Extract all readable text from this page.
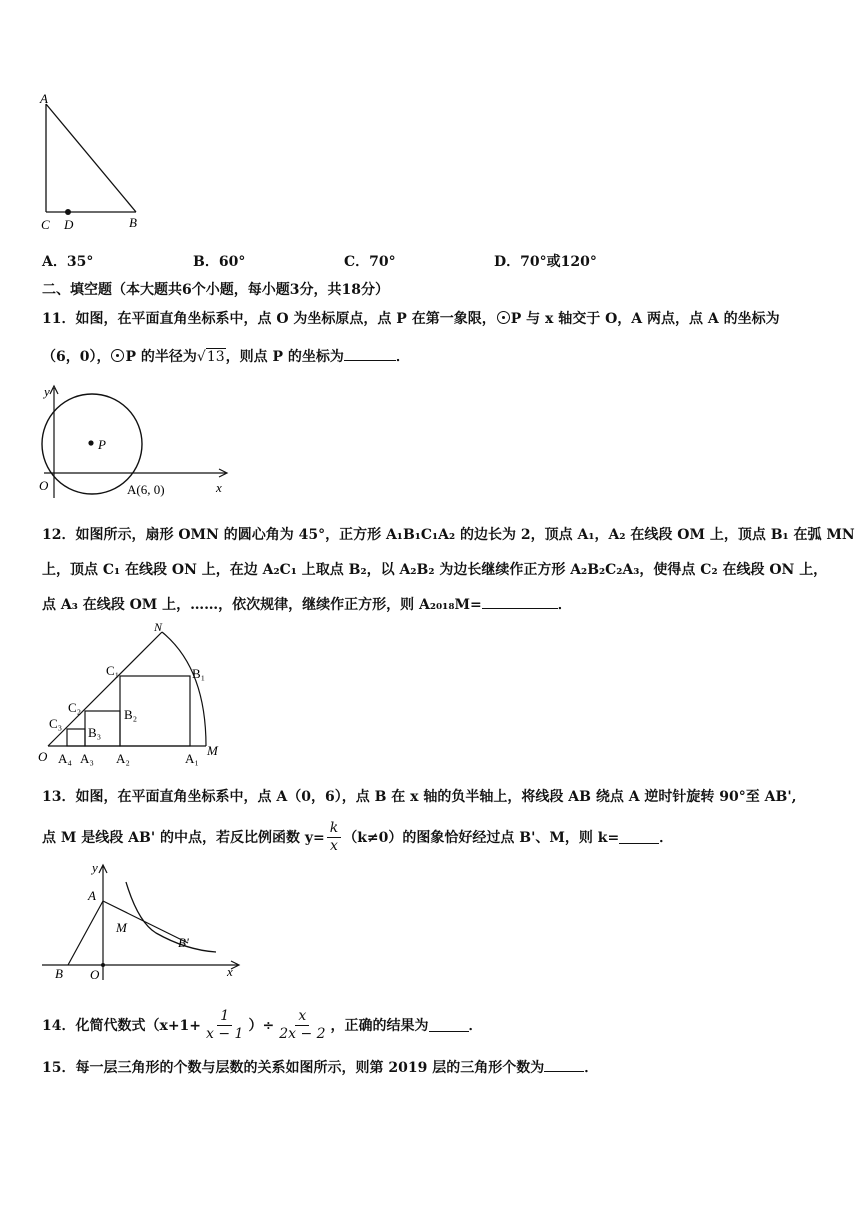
A
C D	B
A．35°	B．60°	C．70°	D．70°或120°
二、填空题（本大题共6个小题，每小题3分，共18分）
11．如图，在平面直角坐标系中，点 O 为坐标原点，点 P 在第一象限， P 与 x 轴交于 O，A 两点，点 A 的坐标为
（6，0）， P 的半径为√13，则点 P 的坐标为	．
y
P
O	A(6, 0)	x
12．如图所示，扇形 OMN 的圆心角为 45°，正方形 A₁B₁C₁A₂ 的边长为 2，顶点 A₁，A₂ 在线段 OM 上，顶点 B₁ 在弧 MN
上，顶点 C₁ 在线段 ON 上，在边 A₂C₁ 上取点 B₂，以 A₂B₂ 为边长继续作正方形 A₂B₂C₂A₃，使得点 C₂ 在线段 ON 上，
点 A₃ 在线段 OM 上，……，依次规律，继续作正方形，则 A₂₀₁₈M=	．
N
C₁	B₁
C₂	B₂
C₃
B₃
O A₄ A₃ A₂	A₁
M
13．如图，在平面直角坐标系中，点 A（0，6），点 B 在 x 轴的负半轴上，将线段 AB 绕点 A 逆时针旋转 90°至 AB',
点 M 是线段 AB' 的中点，若反比例函数 $y= \frac{k}{x} (k\ne 0)$的图象恰好经过点 B'、M，则 k=	．
y
A
M
B'
B O	x
14．化简代数式（$x+1+ \frac{1}{x - 1}$ ）÷ $\frac{x}{2x - 2}$ ，正确的结果为	．
15．每一层三角形的个数与层数的关系如图所示，则第 2019 层的三角形个数为	．
